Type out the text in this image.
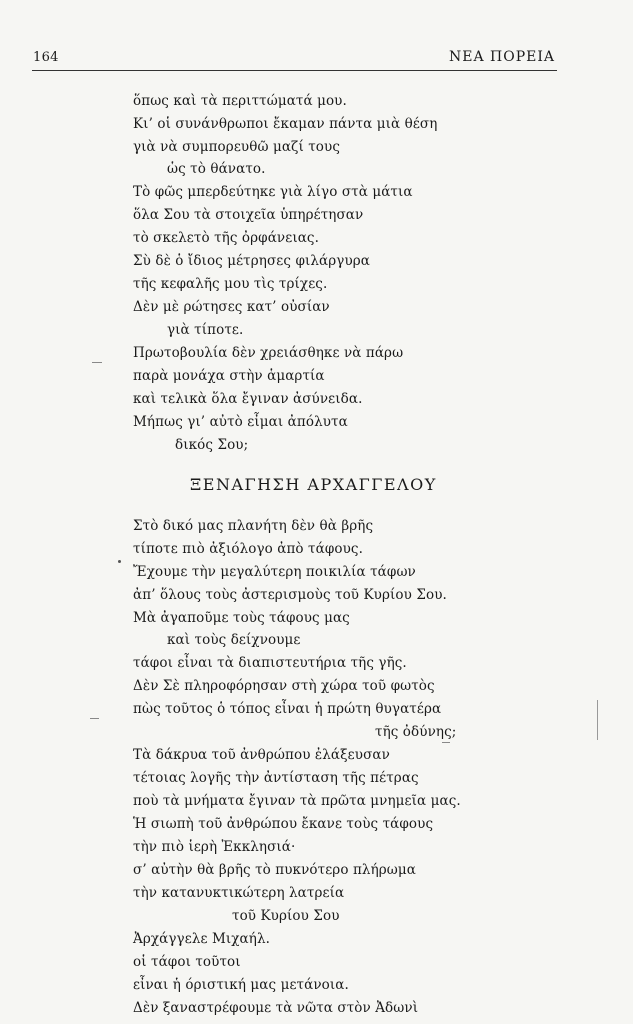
164	ΝΕΑ ΠΟΡΕΙΑ
ὅπως καὶ τὰ περιττώματά μου.
Κι’ οἱ συνάνθρωποι ἔκαμαν πάντα μιὰ θέση
γιὰ νὰ συμπορευθῶ μαζί τους
ὡς τὸ θάνατο.
Τὸ φῶς μπερδεύτηκε γιὰ λίγο στὰ μάτια
ὅλα Σου τὰ στοιχεῖα ὑπηρέτησαν
τὸ σκελετὸ τῆς ὀρφάνειας.
Σὺ δὲ ὁ ἴδιος μέτρησες φιλάργυρα
τῆς κεφαλῆς μου τὶς τρίχες.
Δὲν μὲ ρώτησες κατ’ οὐσίαν
γιὰ τίποτε.
Πρωτοβουλία δὲν χρειάσθηκε νὰ πάρω
παρὰ μονάχα στὴν ἁμαρτία
καὶ τελικὰ ὅλα ἔγιναν ἀσύνειδα.
Μήπως γι’ αὐτὸ εἶμαι ἀπόλυτα
δικός Σου;
ΞΕΝΑΓΗΣΗ ΑΡΧΑΓΓΕΛΟΥ
Στὸ δικό μας πλανήτη δὲν θὰ βρῆς
τίποτε πιὸ ἀξιόλογο ἀπὸ τάφους.
Ἔχουμε τὴν μεγαλύτερη ποικιλία τάφων
ἀπ’ ὅλους τοὺς ἀστερισμοὺς τοῦ Κυρίου Σου.
Μὰ ἀγαποῦμε τοὺς τάφους μας
καὶ τοὺς δείχνουμε
τάφοι εἶναι τὰ διαπιστευτήρια τῆς γῆς.
Δὲν Σὲ πληροφόρησαν στὴ χώρα τοῦ φωτὸς
πὼς τοῦτος ὁ τόπος εἶναι ἡ πρώτη θυγατέρα
τῆς ὀδύνης;
Τὰ δάκρυα τοῦ ἀνθρώπου ἐλάξευσαν
τέτοιας λογῆς τὴν ἀντίσταση τῆς πέτρας
ποὺ τὰ μνήματα ἔγιναν τὰ πρῶτα μνημεῖα μας.
Ἡ σιωπὴ τοῦ ἀνθρώπου ἔκανε τοὺς τάφους
τὴν πιὸ ἱερὴ Ἐκκλησιά·
σ’ αὐτὴν θὰ βρῆς τὸ πυκνότερο πλήρωμα
τὴν κατανυκτικώτερη λατρεία
τοῦ Κυρίου Σου
Ἀρχάγγελε Μιχαήλ.
οἱ τάφοι τοῦτοι
εἶναι ἡ όριστική μας μετάνοια.
Δὲν ξαναστρέφουμε τὰ νῶτα στὸν Ἀδωνὶ
